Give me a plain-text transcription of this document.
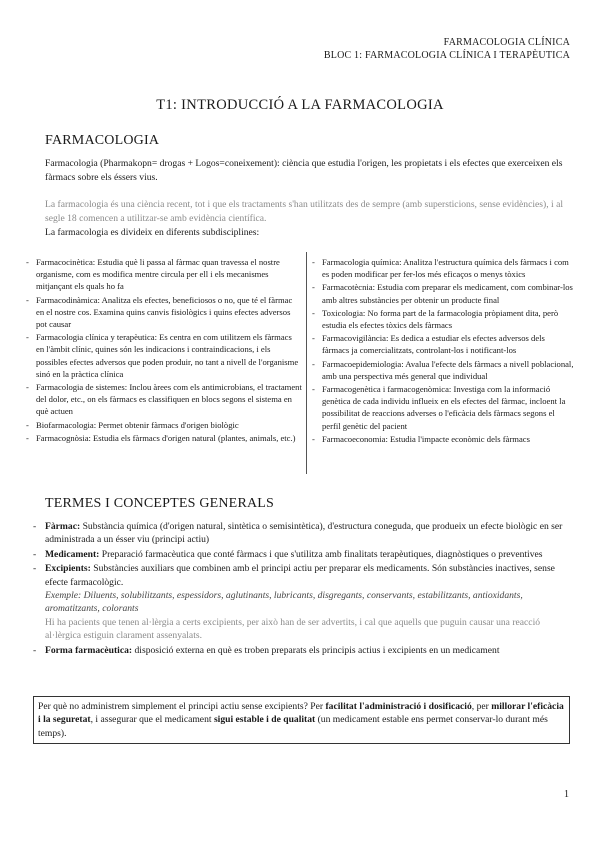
FARMACOLOGIA CLÍNICA
BLOC 1: FARMACOLOGIA CLÍNICA I TERAPÈUTICA
T1: INTRODUCCIÓ A LA FARMACOLOGIA
FARMACOLOGIA
Farmacologia (Pharmakopn= drogas + Logos=coneixement): ciència que estudia l'origen, les propietats i els efectes que exerceixen els fàrmacs sobre els éssers vius.
La farmacologia és una ciència recent, tot i que els tractaments s'han utilitzats des de sempre (amb supersticions, sense evidències), i al segle 18 comencen a utilitzar-se amb evidència científica.
La farmacologia es divideix en diferents subdisciplines:
- Farmacocinètica: Estudia què li passa al fàrmac quan travessa el nostre organisme, com es modifica mentre circula per ell i els mecanismes mitjançant els quals ho fa
- Farmacodinàmica: Analitza els efectes, beneficiosos o no, que té el fàrmac en el nostre cos. Examina quins canvis fisiològics i quins efectes adversos pot causar
- Farmacologia clínica y terapèutica: Es centra en com utilitzem els fàrmacs en l'àmbit clínic, quines són les indicacions i contraindicacions, i els possibles efectes adversos que poden produir, no tant a nivell de l'organisme sinó en la pràctica clínica
- Farmacologia de sistemes: Inclou àrees com els antimicrobians, el tractament del dolor, etc., on els fàrmacs es classifiquen en blocs segons el sistema en què actuen
- Biofarmacologia: Permet obtenir fàrmacs d'origen biològic
- Farmacognòsia: Estudia els fàrmacs d'origen natural (plantes, animals, etc.)
- Farmacologia química: Analitza l'estructura química dels fàrmacs i com es poden modificar per fer-los més eficaços o menys tòxics
- Farmacotècnia: Estudia com preparar els medicament, com combinar-los amb altres substàncies per obtenir un producte final
- Toxicologia: No forma part de la farmacologia pròpiament dita, però estudia els efectes tòxics dels fàrmacs
- Farmacovigilància: Es dedica a estudiar els efectes adversos dels fàrmacs ja comercialitzats, controlant-los i notificant-los
- Farmacoepidemiologia: Avalua l'efecte dels fàrmacs a nivell poblacional, amb una perspectiva més general que individual
- Farmacogenètica i farmacogenòmica: Investiga com la informació genètica de cada individu influeix en els efectes del fàrmac, incloent la possibilitat de reaccions adverses o l'eficàcia dels fàrmacs segons el perfil genètic del pacient
- Farmacoeconomia: Estudia l'impacte econòmic dels fàrmacs
TERMES I CONCEPTES GENERALS
- Fàrmac: Substància química (d'origen natural, sintètica o semisintètica), d'estructura coneguda, que produeix un efecte biològic en ser administrada a un ésser viu (principi actiu)
- Medicament: Preparació farmacèutica que conté fàrmacs i que s'utilitza amb finalitats terapèutiques, diagnòstiques o preventives
- Excipients: Substàncies auxiliars que combinen amb el principi actiu per preparar els medicaments. Són substàncies inactives, sense efecte farmacològic.
Exemple: Diluents, solubilitzants, espessidors, aglutinants, lubricants, disgregants, conservants, estabilitzants, antioxidants, aromatitzants, colorants
Hi ha pacients que tenen al·lèrgia a certs excipients, per això han de ser advertits, i cal que aquells que puguin causar una reacció al·lèrgica estiguin clarament assenyalats.
- Forma farmacèutica: disposició externa en què es troben preparats els principis actius i excipients en un medicament
Per què no administrem simplement el principi actiu sense excipients? Per facilitat l'administració i dosificació, per millorar l'eficàcia i la seguretat, i assegurar que el medicament sigui estable i de qualitat (un medicament estable ens permet conservar-lo durant més temps).
1
